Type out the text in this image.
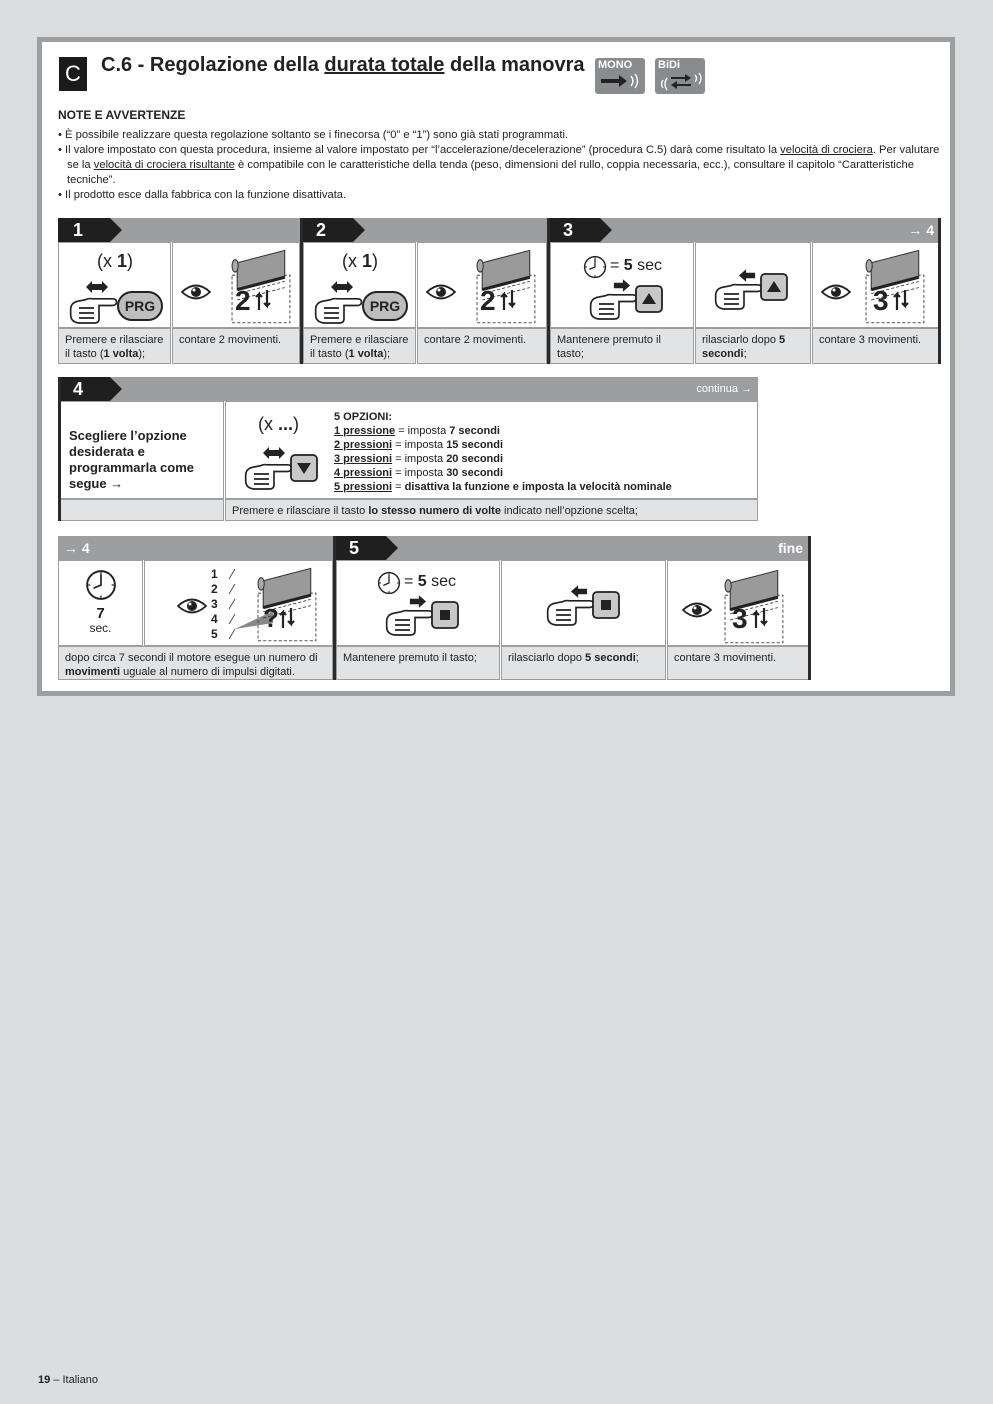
C	C.6 - Regolazione della durata totale della manovra MONO BiDi
NOTE E AVVERTENZE
• È possibile realizzare questa regolazione soltanto se i finecorsa (“0” e “1”) sono già stati programmati.
• Il valore impostato con questa procedura, insieme al valore impostato per “l’accelerazione/decelerazione” (procedura C.5) darà come risultato la velocità di crociera. Per valutare se la velocità di crociera risultante è compatibile con le caratteristiche della tenda (peso, dimensioni del rullo, coppia necessaria, ecc.), consultare il capitolo “Caratteristiche tecniche”.
• Il prodotto esce dalla fabbrica con la funzione disattivata.
1	2	3	→ 4
(x 1)
PRG	2
Premere e rilasciare il tasto (1 volta);
contare 2 movimenti.
(x 1)
PRG	2
Premere e rilasciare il tasto (1 volta);
contare 2 movimenti.
= 5 sec
3
Mantenere premuto il tasto;
rilasciarlo dopo 5 secondi;
contare 3 movimenti.
4	continua →
Scegliere l’opzione desiderata e programmarla come segue →
(x ...)	5 OPZIONI:
1 pressione = imposta 7 secondi
2 pressioni = imposta 15 secondi
3 pressioni = imposta 20 secondi
4 pressioni = imposta 30 secondi
5 pressioni = disattiva la funzione e imposta la velocità nominale
Premere e rilasciare il tasto lo stesso numero di volte indicato nell’opzione scelta;
→ 4	5	fine
7
sec.
1
2
3
4
5
?
= 5 sec
3
dopo circa 7 secondi il motore esegue un numero di movimenti uguale al numero di impulsi digitati.
Mantenere premuto il tasto;	rilasciarlo dopo 5 secondi;	contare 3 movimenti.
19 – Italiano
